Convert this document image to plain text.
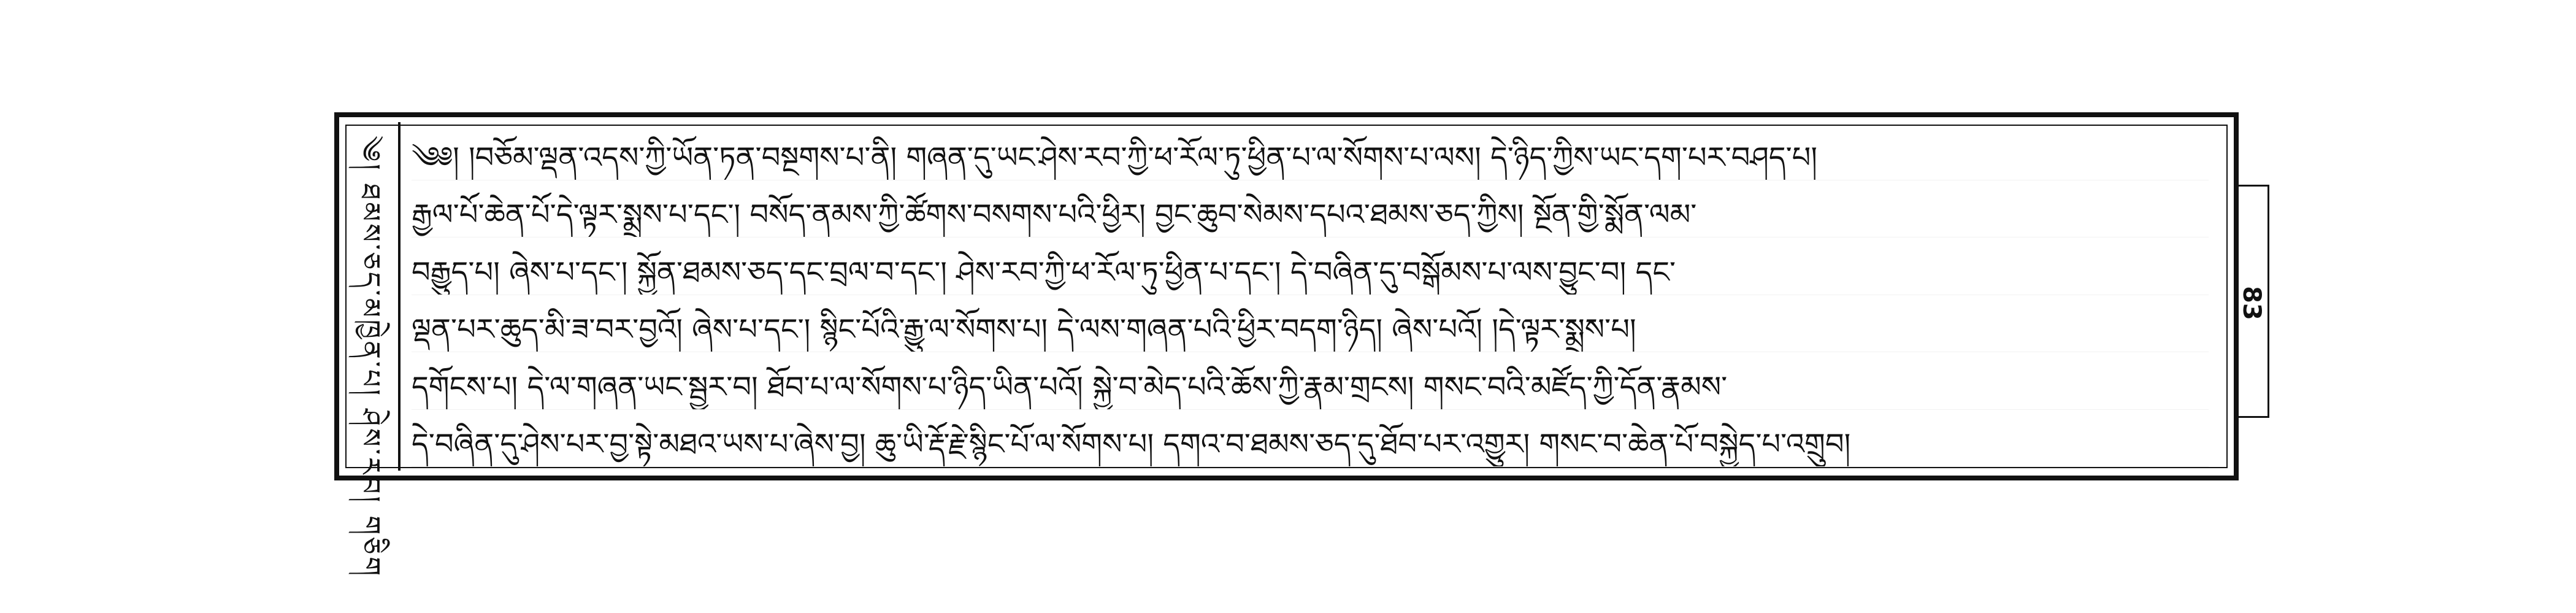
༄། ཐམས་ཅད་མཁྱེན་པ། ཤེས་རབ། གཅིག ༄༅། །བཅོམ་ལྡན་འདས་ཀྱི་ཡོན་ཏན་བསྔགས་པ་ནི། གཞན་དུ་ཡང་ཤེས་རབ་ཀྱི་ཕ་རོལ་ཏུ་ཕྱིན་པ་ལ་སོགས་པ་ལས། དེ་ཉིད་ཀྱིས་ཡང་དག་པར་བཤད་པ།
རྒྱལ་པོ་ཆེན་པོ་དེ་ལྟར་སྨྲས་པ་དང་། བསོད་ནམས་ཀྱི་ཚོགས་བསགས་པའི་ཕྱིར། བྱང་ཆུབ་སེམས་དཔའ་ཐམས་ཅད་ཀྱིས། སྔོན་གྱི་སྨོན་ལམ་
བརྒྱུད་པ། ཞེས་པ་དང་། སྐྱོན་ཐམས་ཅད་དང་བྲལ་བ་དང་། ཤེས་རབ་ཀྱི་ཕ་རོལ་ཏུ་ཕྱིན་པ་དང་། དེ་བཞིན་དུ་བསྒོམས་པ་ལས་བྱུང་བ། དང་
ལྡན་པར་ཆུད་མི་ཟ་བར་བྱའོ། ཞེས་པ་དང་། སྙིང་པོའི་རྒྱུ་ལ་སོགས་པ། དེ་ལས་གཞན་པའི་ཕྱིར་བདག་ཉིད། ཞེས་པའོ། །དེ་ལྟར་སྨྲས་པ།
དགོངས་པ། དེ་ལ་གཞན་ཡང་སྦྱར་བ། ཐོབ་པ་ལ་སོགས་པ་ཉིད་ཡིན་པའོ། སྐྱེ་བ་མེད་པའི་ཆོས་ཀྱི་རྣམ་གྲངས། གསང་བའི་མཛོད་ཀྱི་དོན་རྣམས་
དེ་བཞིན་དུ་ཤེས་པར་བྱ་སྟེ་མཐའ་ཡས་པ་ཞེས་བྱ། ཆུ་ཡི་རྡོ་རྗེ་སྙིང་པོ་ལ་སོགས་པ། དགའ་བ་ཐམས་ཅད་དུ་ཐོབ་པར་འགྱུར། གསང་བ་ཆེན་པོ་བསྐྱེད་པ་འགྲུབ།
83
